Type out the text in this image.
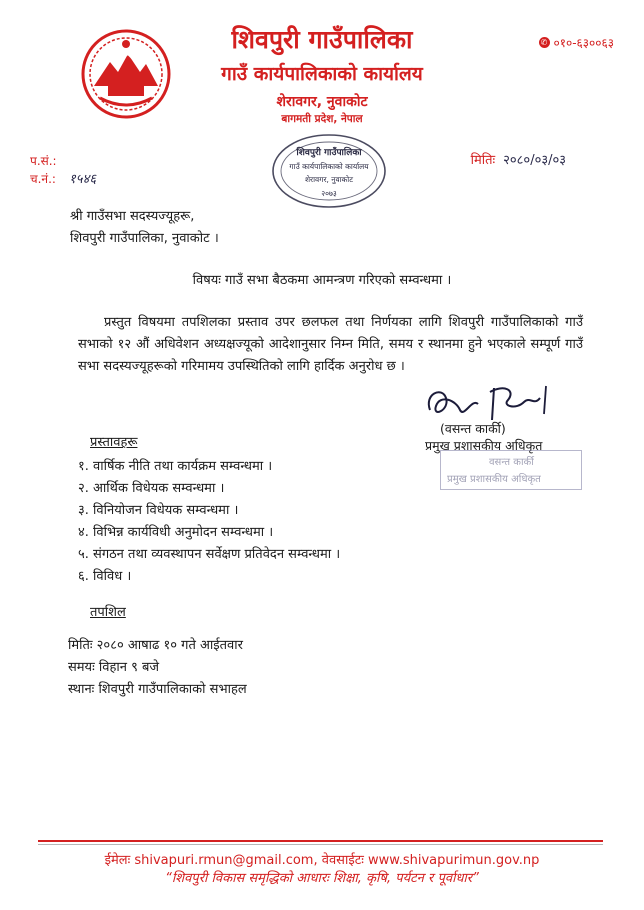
शिवपुरी गाउँपालिका
गाउँ कार्यपालिकाको कार्यालय
शेरावगर, नुवाकोट
बागमती प्रदेश, नेपाल
✆ ०१०-६३००६३
प.सं.:
च.नं.: १५४६
मितिः २०८०/०३/०३
शिवपुरी गाउँपालिका
गाउँ कार्यपालिकाको कार्यालय
शेरावगर, नुवाकोट
२०७३
श्री गाउँसभा सदस्यज्यूहरू,
शिवपुरी गाउँपालिका, नुवाकोट ।
विषयः गाउँ सभा बैठकमा आमन्त्रण गरिएको सम्वन्धमा ।
प्रस्तुत विषयमा तपशिलका प्रस्ताव उपर छलफल तथा निर्णयका लागि शिवपुरी गाउँपालिकाको गाउँ सभाको १२ औं अधिवेशन अध्यक्षज्यूको आदेशानुसार निम्न मिति, समय र स्थानमा हुने भएकाले सम्पूर्ण गाउँ सभा सदस्यज्यूहरूको गरिमामय उपस्थितिको लागि हार्दिक अनुरोध छ ।
(वसन्त कार्की)
प्रमुख प्रशासकीय अधिकृत
वसन्त कार्की
प्रमुख प्रशासकीय अधिकृत
प्रस्तावहरू
१. वार्षिक नीति तथा कार्यक्रम सम्वन्धमा ।
२. आर्थिक विधेयक सम्वन्धमा ।
३. विनियोजन विधेयक सम्वन्धमा ।
४. विभिन्न कार्यविधी अनुमोदन सम्वन्धमा ।
५. संगठन तथा व्यवस्थापन सर्वेक्षण प्रतिवेदन सम्वन्धमा ।
६. विविध ।
तपशिल
मितिः २०८० आषाढ १० गते आईतवार
समयः विहान ९ बजे
स्थानः शिवपुरी गाउँपालिकाको सभाहल
ईमेलः shivapuri.rmun@gmail.com, वेवसाईटः www.shivapurimun.gov.np
“शिवपुरी विकास समृद्धिको आधारः शिक्षा, कृषि, पर्यटन र पूर्वाधार”
